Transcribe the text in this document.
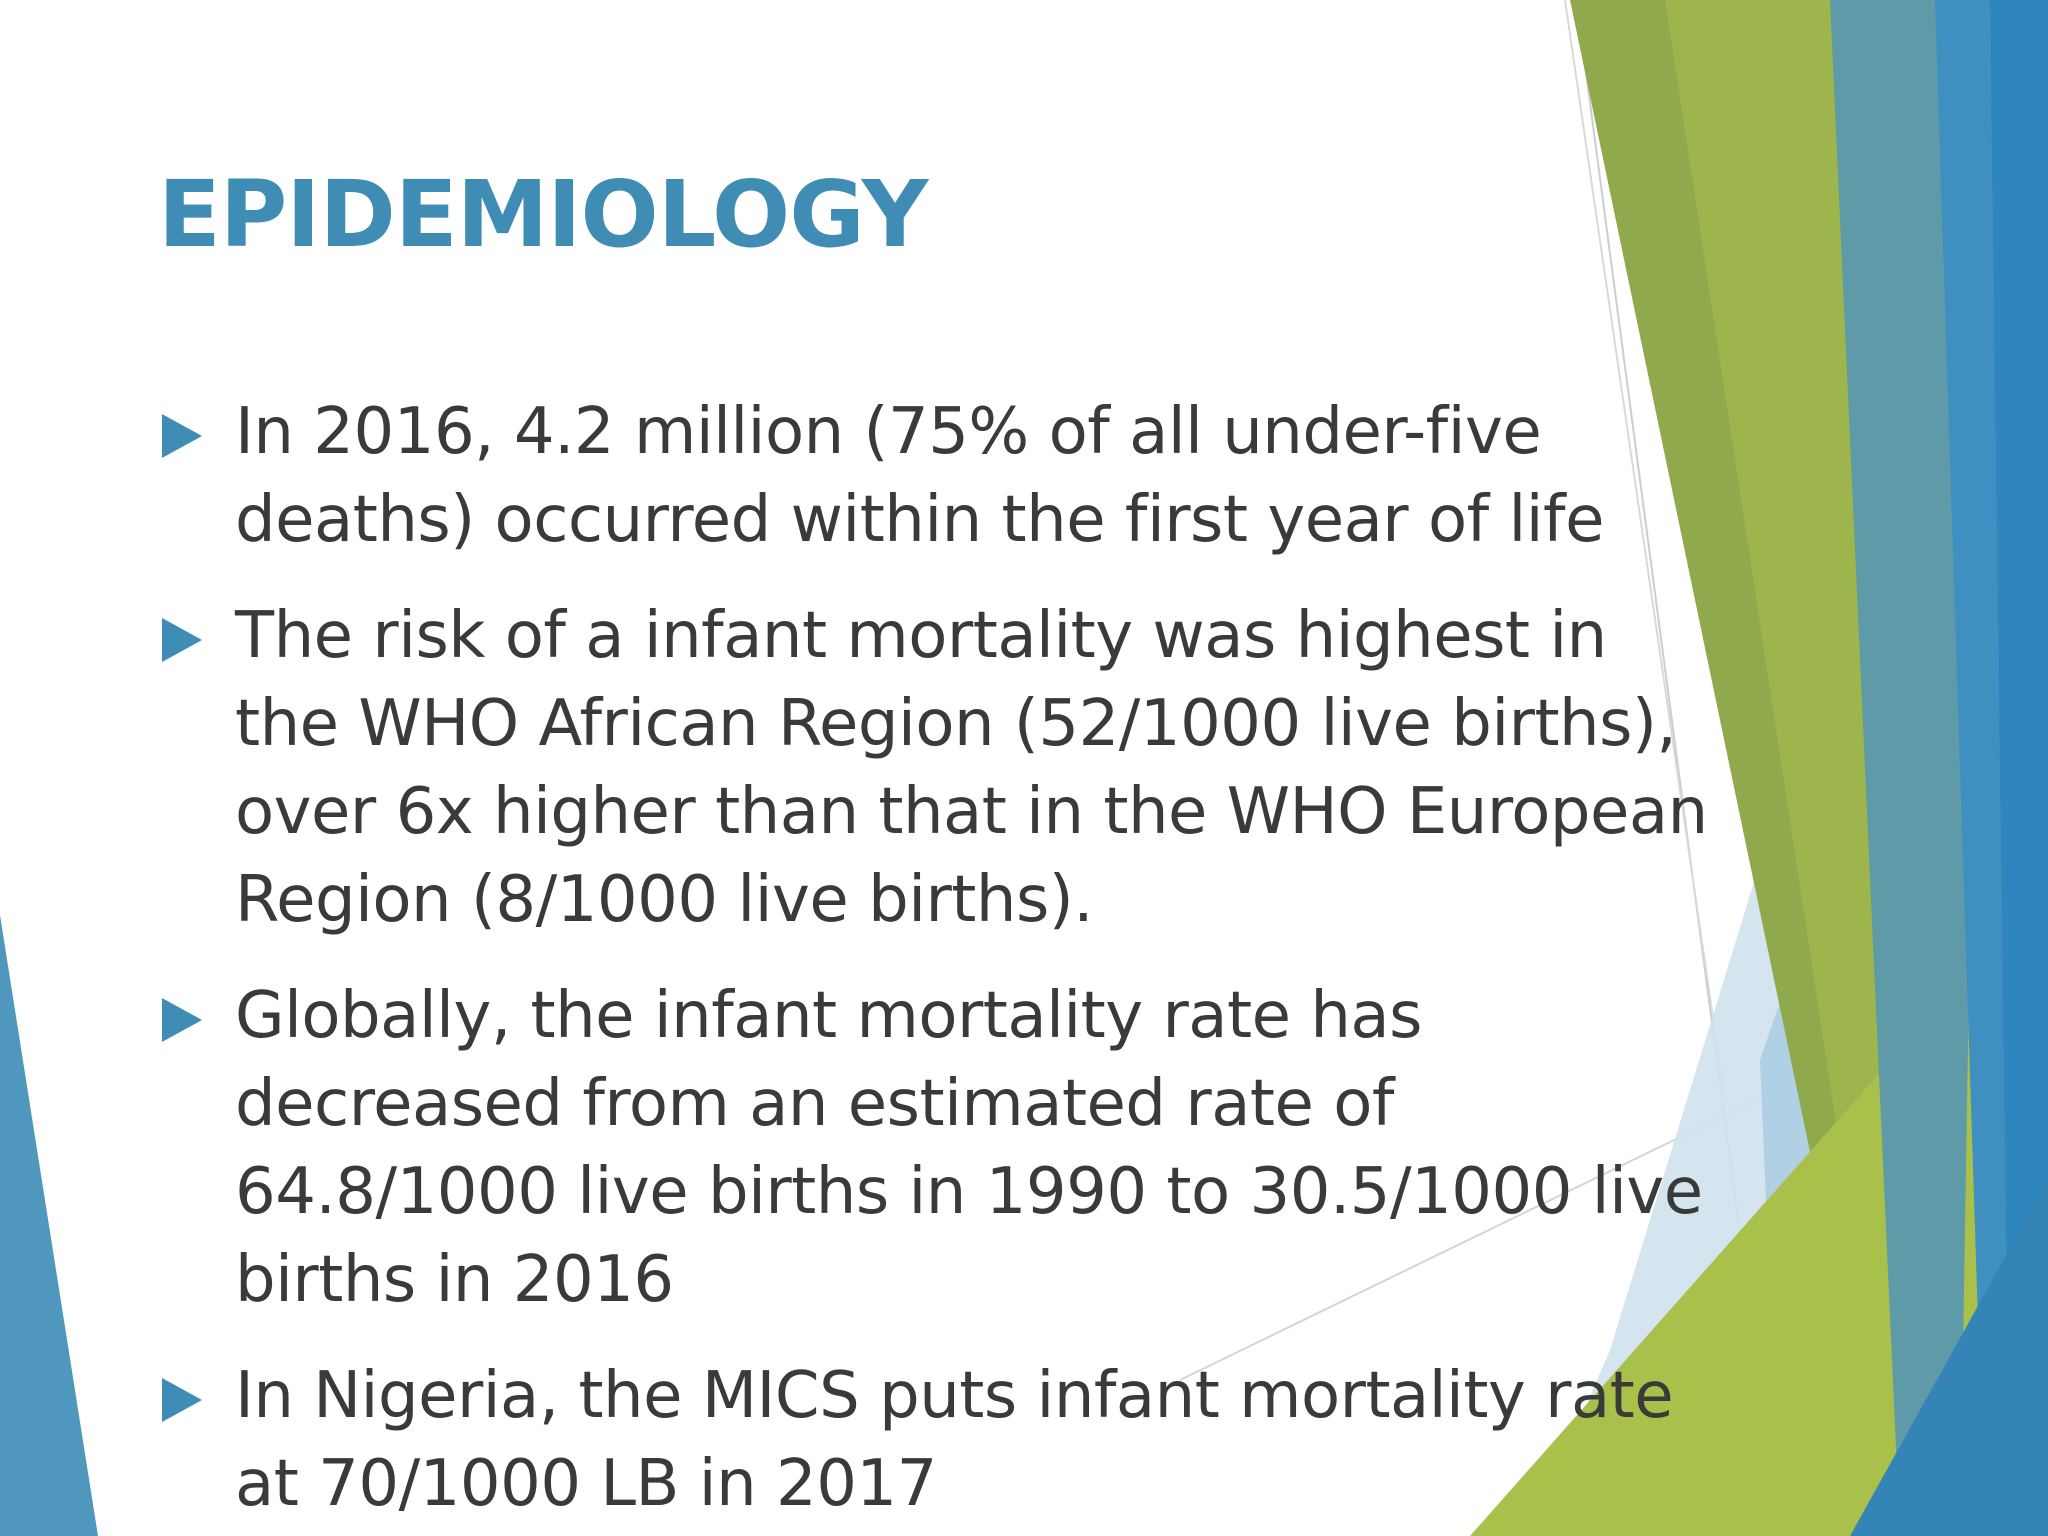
EPIDEMIOLOGY
In 2016, 4.2 million (75% of all under-five deaths) occurred within the first year of life
The risk of a infant mortality was highest in the WHO African Region (52/1000 live births), over 6x higher than that in the WHO European Region (8/1000 live births).
Globally, the infant mortality rate has decreased from an estimated rate of 64.8/1000 live births in 1990 to 30.5/1000 live births in 2016
In Nigeria, the MICS puts infant mortality rate at 70/1000 LB in 2017
